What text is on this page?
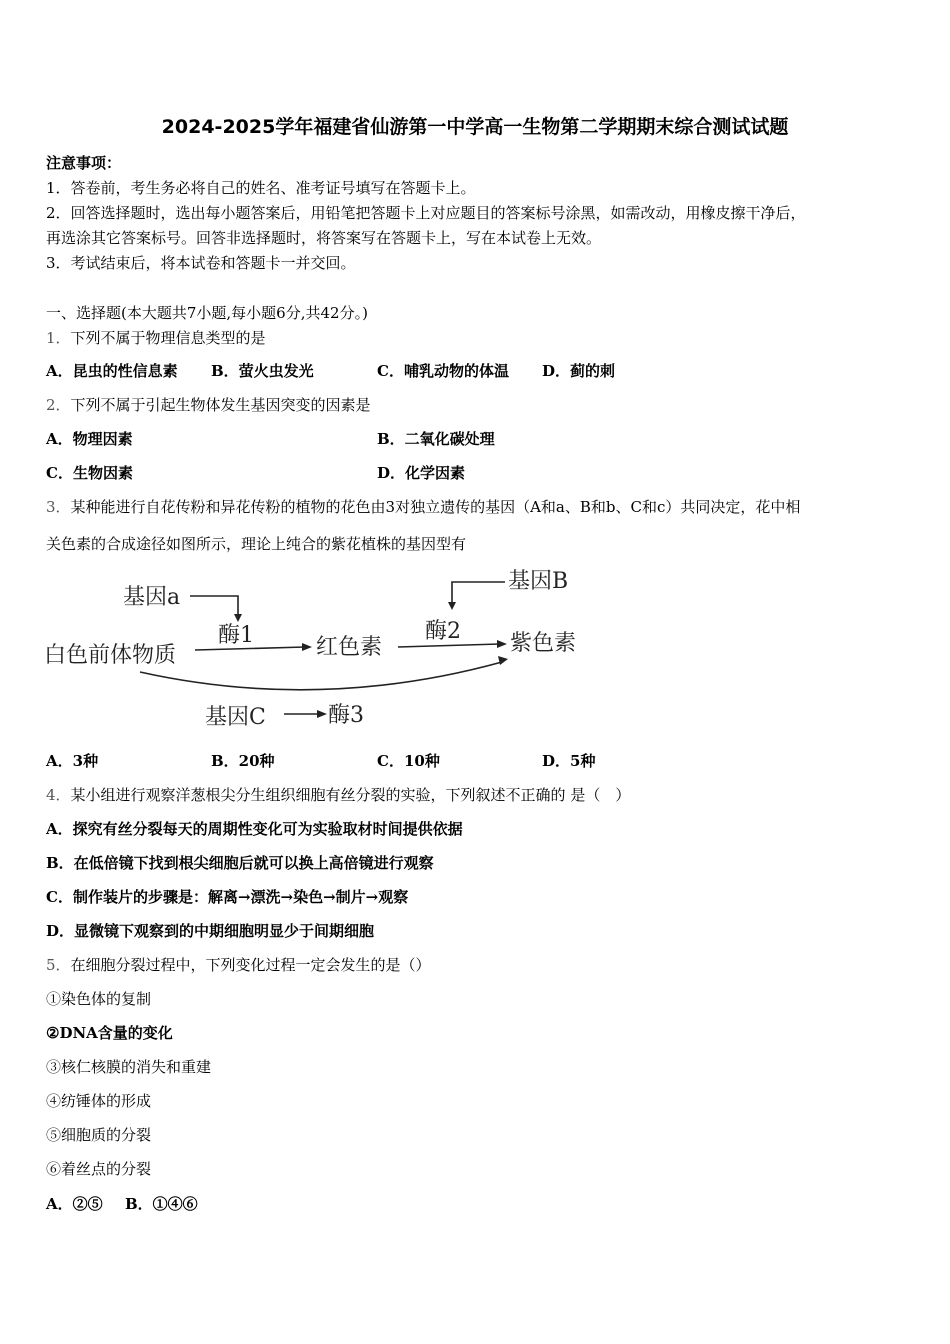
2024-2025学年福建省仙游第一中学高一生物第二学期期末综合测试试题
注意事项：
1．答卷前，考生务必将自己的姓名、准考证号填写在答题卡上。
2．回答选择题时，选出每小题答案后，用铅笔把答题卡上对应题目的答案标号涂黑，如需改动，用橡皮擦干净后，
再选涂其它答案标号。回答非选择题时，将答案写在答题卡上，写在本试卷上无效。
3．考试结束后，将本试卷和答题卡一并交回。
一、选择题(本大题共7小题,每小题6分,共42分。)
1．下列不属于物理信息类型的是
A．昆虫的性信息素 B．萤火虫发光	C．哺乳动物的体温 D．蓟的刺
2．下列不属于引起生物体发生基因突变的因素是
A．物理因素	B．二氧化碳处理
C．生物因素	D．化学因素
3．某种能进行自花传粉和异花传粉的植物的花色由3对独立遗传的基因（A和a、B和b、C和c）共同决定，花中相
关色素的合成途径如图所示，理论上纯合的紫花植株的基因型有
基因a
基因B
白色前体物质
酶1	红色素
酶2 紫色素
基因C	酶3
A．3种	B．20种	C．10种	D．5种
4．某小组进行观察洋葱根尖分生组织细胞有丝分裂的实验，下列叙述不正确的 是（　）
A．探究有丝分裂每天的周期性变化可为实验取材时间提供依据
B．在低倍镜下找到根尖细胞后就可以换上高倍镜进行观察
C．制作装片的步骤是：解离→漂洗→染色→制片→观察
D．显微镜下观察到的中期细胞明显少于间期细胞
5．在细胞分裂过程中，下列变化过程一定会发生的是（）
①染色体的复制
②DNA含量的变化
③核仁核膜的消失和重建
④纺锤体的形成
⑤细胞质的分裂
⑥着丝点的分裂
A．②⑤ B．①④⑥
